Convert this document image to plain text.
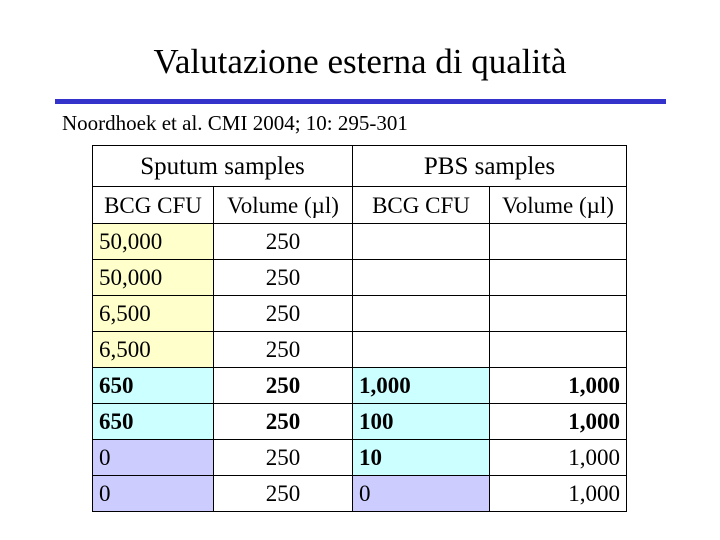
Valutazione esterna di qualità
Noordhoek et al. CMI 2004; 10: 295-301
Sputum samples		PBS samples	
BCG CFU	Volume (µl)	BCG CFU	Volume (µl)
50,000	250		
50,000	250		
6,500	250		
6,500	250		
650	250	1,000	1,000
650	250	100	1,000
0	250	10	1,000
0	250	0	1,000
